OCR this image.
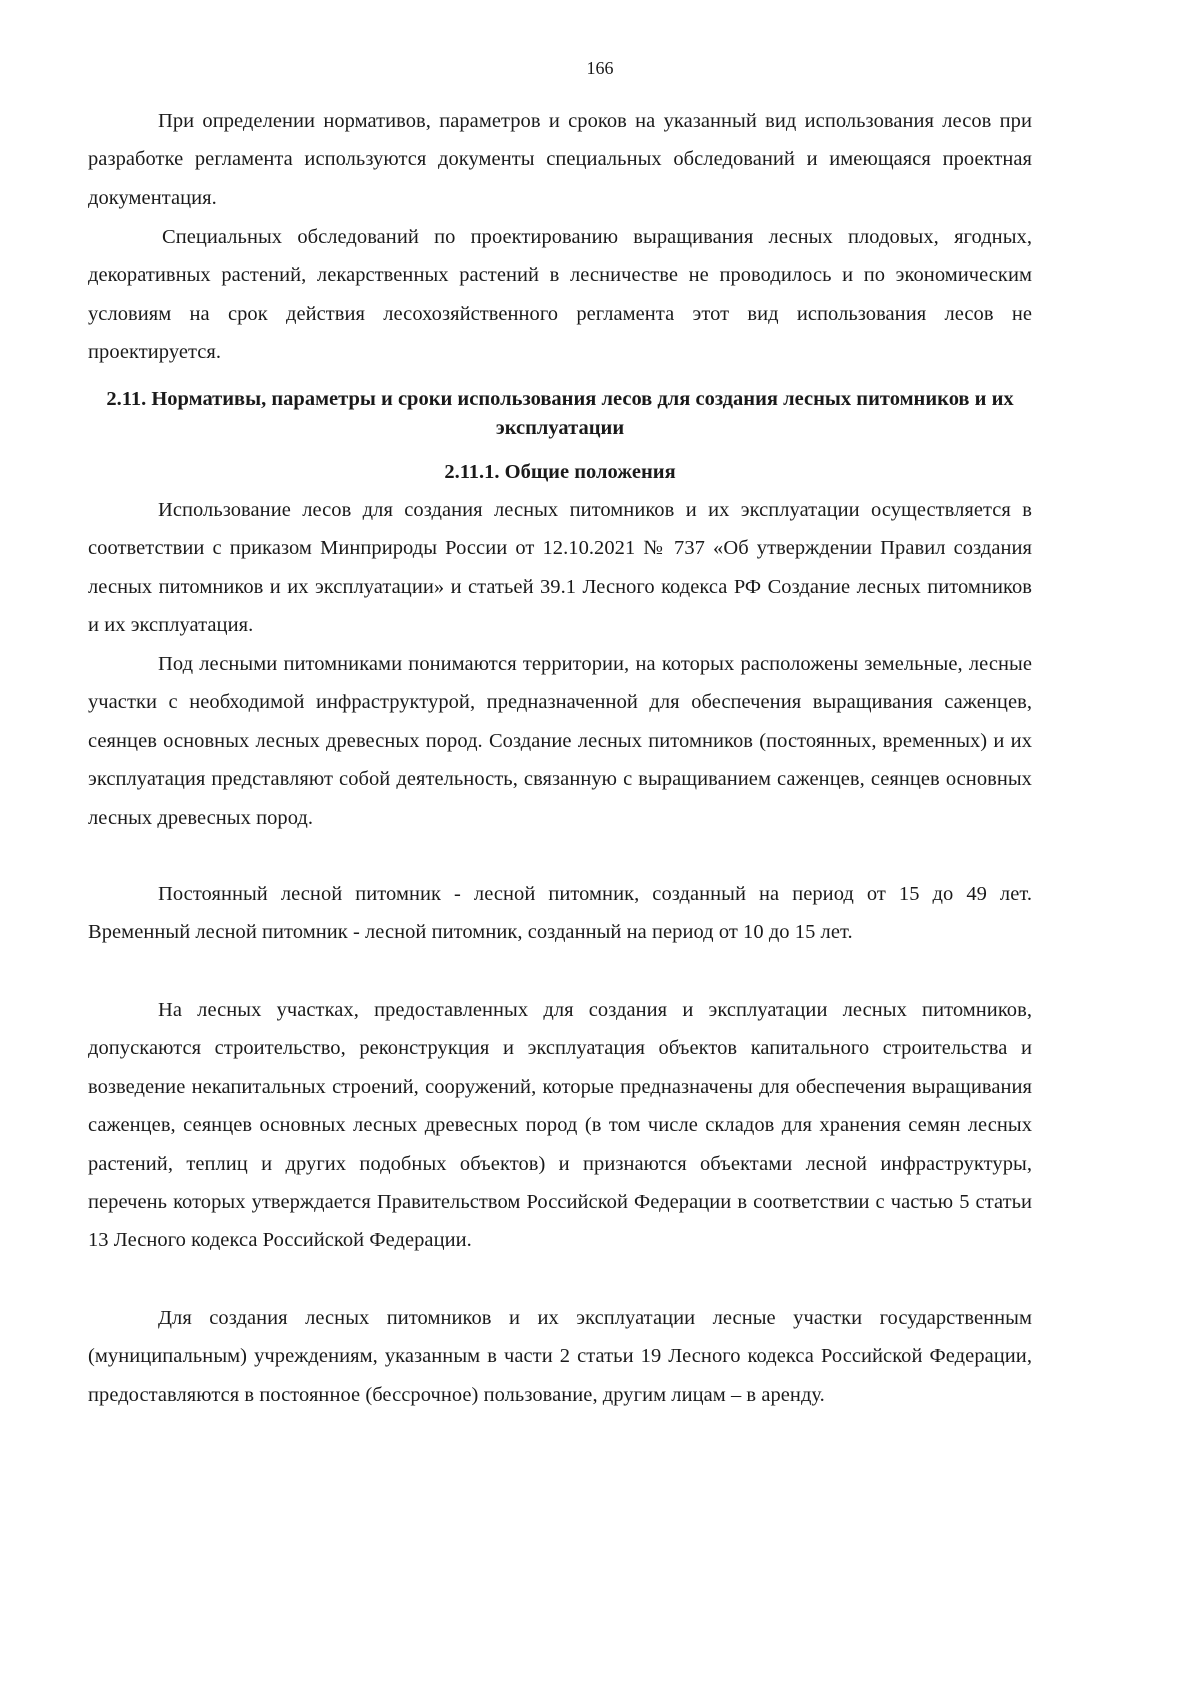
166

При определении нормативов, параметров и сроков на указанный вид использования лесов при разработке регламента используются документы специальных обследований и имеющаяся проектная документация.

Специальных обследований по проектированию выращивания лесных плодовых, ягодных, декоративных растений, лекарственных растений в лесничестве не проводилось и по экономическим условиям на срок действия лесохозяйственного регламента этот вид использования лесов не проектируется.

2.11. Нормативы, параметры и сроки использования лесов для создания лесных питомников и их эксплуатации
2.11.1. Общие положения

Использование лесов для создания лесных питомников и их эксплуатации осуществляется в соответствии с приказом Минприроды России от 12.10.2021 № 737 «Об утверждении Правил создания лесных питомников и их эксплуатации» и статьей 39.1 Лесного кодекса РФ Создание лесных питомников и их эксплуатация.

Под лесными питомниками понимаются территории, на которых расположены земельные, лесные участки с необходимой инфраструктурой, предназначенной для обеспечения выращивания саженцев, сеянцев основных лесных древесных пород. Создание лесных питомников (постоянных, временных) и их эксплуатация представляют собой деятельность, связанную с выращиванием саженцев, сеянцев основных лесных древесных пород.

Постоянный лесной питомник - лесной питомник, созданный на период от 15 до 49 лет. Временный лесной питомник - лесной питомник, созданный на период от 10 до 15 лет.

На лесных участках, предоставленных для создания и эксплуатации лесных питомников, допускаются строительство, реконструкция и эксплуатация объектов капитального строительства и возведение некапитальных строений, сооружений, которые предназначены для обеспечения выращивания саженцев, сеянцев основных лесных древесных пород (в том числе складов для хранения семян лесных растений, теплиц и других подобных объектов) и признаются объектами лесной инфраструктуры, перечень которых утверждается Правительством Российской Федерации в соответствии с частью 5 статьи 13 Лесного кодекса Российской Федерации.

Для создания лесных питомников и их эксплуатации лесные участки государственным (муниципальным) учреждениям, указанным в части 2 статьи 19 Лесного кодекса Российской Федерации, предоставляются в постоянное (бессрочное) пользование, другим лицам – в аренду.
